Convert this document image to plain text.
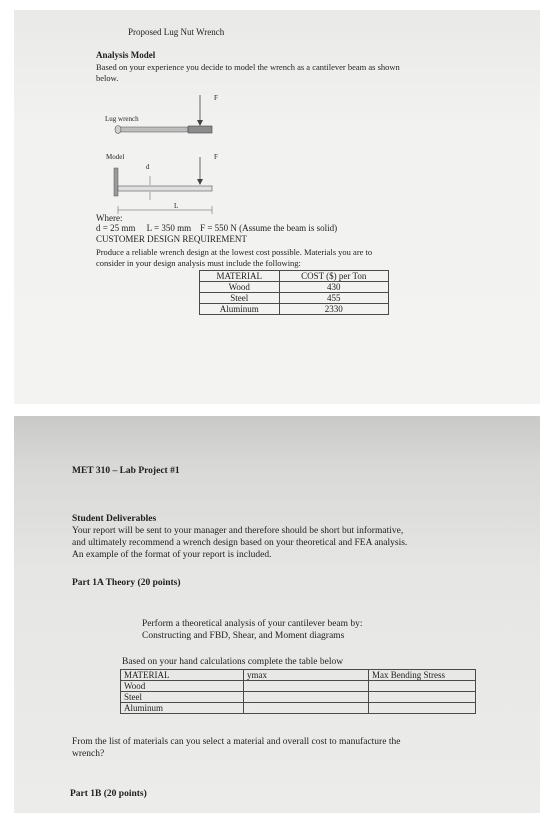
Proposed Lug Nut Wrench
Analysis Model
Based on your experience you decide to model the wrench as a cantilever beam as shown
below.
Lug wrench
Model
F
F
d
L
Where:
d = 25 mm     L = 350 mm    F = 550 N (Assume the beam is solid)
CUSTOMER DESIGN REQUIREMENT
Produce a reliable wrench design at the lowest cost possible. Materials you are to
consider in your design analysis must include the following:
MATERIAL	COST ($) per Ton
Wood	430
Steel	455
Aluminum	2330
MET 310 – Lab Project #1
Student Deliverables
Your report will be sent to your manager and therefore should be short but informative,
and ultimately recommend a wrench design based on your theoretical and FEA analysis.
An example of the format of your report is included.
Part 1A Theory (20 points)
Perform a theoretical analysis of your cantilever beam by:
Constructing and FBD, Shear, and Moment diagrams
Based on your hand calculations complete the table below
MATERIAL	ymax	Max Bending Stress
Wood		
Steel		
Aluminum		
From the list of materials can you select a material and overall cost to manufacture the
wrench?
Part 1B (20 points)
